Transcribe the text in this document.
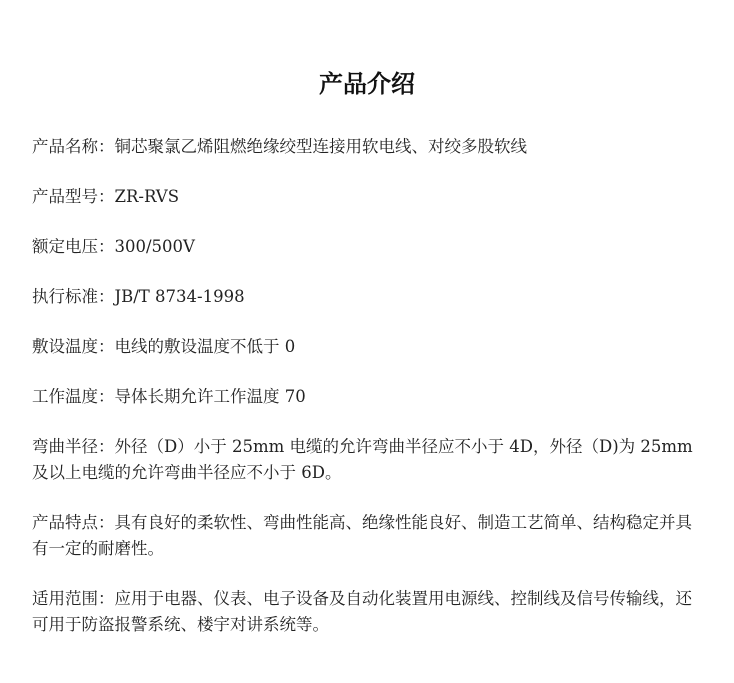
产品介绍

产品名称：铜芯聚氯乙烯阻燃绝缘绞型连接用软电线、对绞多股软线

产品型号：ZR-RVS

额定电压：300/500V

执行标准：JB/T 8734-1998

敷设温度：电线的敷设温度不低于 0

工作温度：导体长期允许工作温度 70

弯曲半径：外径（D）小于 25mm 电缆的允许弯曲半径应不小于 4D，外径（D)为 25mm 及以上电缆的允许弯曲半径应不小于 6D。

产品特点：具有良好的柔软性、弯曲性能高、绝缘性能良好、制造工艺简单、结构稳定并具有一定的耐磨性。

适用范围：应用于电器、仪表、电子设备及自动化装置用电源线、控制线及信号传输线，还可用于防盗报警系统、楼宇对讲系统等。
